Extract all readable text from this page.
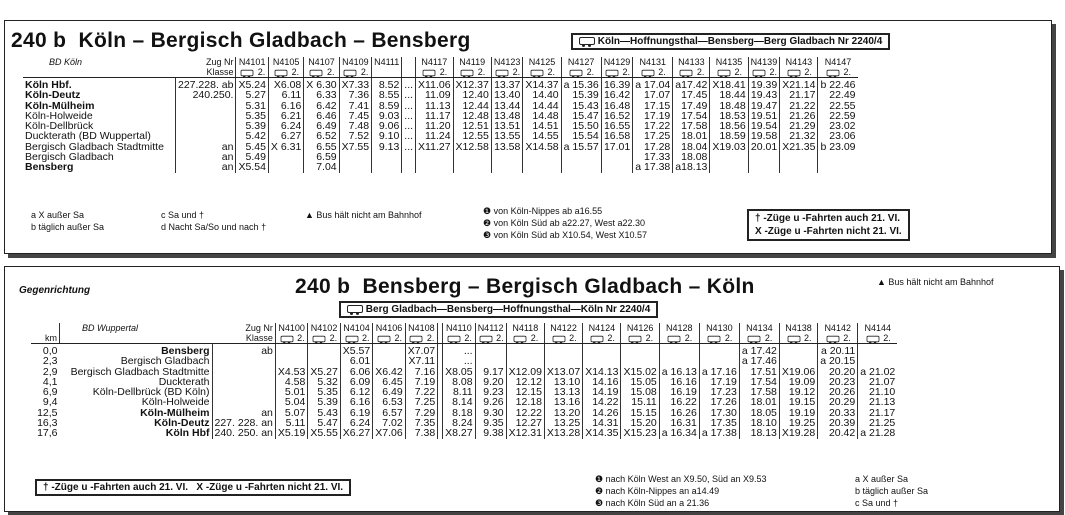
240 b Köln – Bergisch Gladbach – Bensberg	Köln—Hoffnungsthal—Bensberg—Berg Gladbach Nr 2240/4
BD Köln Zug Nr		N4101	N4105	N4107	N4109	N4111		N4117	N4119	N4123	N4125	N4127	N4129	N4131	N4133	N4135	N4139	N4143	N4147
Klasse		2.	2.	2.	2.			2.	2.	2.	2.	2.	2.	2.	2.	2.	2.	2.	2.
Köln Hbf.	227.228. ab	X5.24	X6.08	X 6.30	X7.33	8.52	...	X11.06	X12.37	13.37	X14.37	a 15.36	16.39	a 17.04	a17.42	X18.41	19.39	X21.14	b 22.46
Köln-Deutz	240.250.	5.27	6.11	6.33	7.36	8.55	...	11.09	12.40	13.40	14.40	15.39	16.42	17.07	17.45	18.44	19.43	21.17	22.49
Köln-Mülheim		5.31	6.16	6.42	7.41	8.59	...	11.13	12.44	13.44	14.44	15.43	16.48	17.15	17.49	18.48	19.47	21.22	22.55
Köln-Holweide		5.35	6.21	6.46	7.45	9.03	...	11.17	12.48	13.48	14.48	15.47	16.52	17.19	17.54	18.53	19.51	21.26	22.59
Köln-Dellbrück		5.39	6.24	6.49	7.48	9.06	...	11.20	12.51	13.51	14.51	15.50	16.55	17.22	17.58	18.56	19.54	21.29	23.02
Duckterath (BD Wuppertal)		5.42	6.27	6.52	7.52	9.10	...	11.24	12.55	13.55	14.55	15.54	16.58	17.25	18.01	18.59	19.58	21.32	23.06
Bergisch Gladbach Stadtmitte	an	5.45	X 6.31	6.55	X7.55	9.13	...	X11.27	X12.58	13.58	X14.58	a 15.57	17.01	17.28	18.04	X19.03	20.01	X21.35	b 23.09
Bergisch Gladbach	an	5.49		6.59										17.33	18.08				
Bensberg	an	X5.54		7.04										a 17.38	a18.13				
a X außer Sa
b täglich außer Sa
c Sa und †
d Nacht Sa/So und nach †
▲ Bus hält nicht am Bahnhof	❶ von Köln-Nippes ab a16.55
❷ von Köln Süd ab a22.27, West a22.30
❸ von Köln Süd ab X10.54, West X10.57
† -Züge u -Fahrten auch 21. VI.
X -Züge u -Fahrten nicht 21. VI.
Gegenrichtung	240 b Bensberg – Bergisch Gladbach – Köln	▲ Bus hält nicht am Bahnhof
Berg Gladbach—Bensberg—Hoffnungsthal—Köln Nr 2240/4
	BD Wuppertal Zug Nr		N4100	N4102	N4104	N4106	N4108		N4110	N4112	N4118	N4122	N4124	N4126	N4128	N4130	N4134	N4138	N4142	N4144
km	Klasse		2.	2.	2.	2.	2.		2.	2.	2.	2.	2.	2.	2.	2.	2.	2.	2.	2.
0,0	Bensberg	ab			X5.57		X7.07		...								a 17.42		a 20.11	
2,3	Bergisch Gladbach				6.01		X7.11		...								a 17.46		a 20.15	
2,9	Bergisch Gladbach Stadtmitte		X4.53	X5.27	6.06	X6.42	7.16		X8.05	9.17	X12.09	X13.07	X14.13	X15.02	a 16.13	a 17.16	17.51	X19.06	20.20	a 21.02
4,1	Duckterath		4.58	5.32	6.09	6.45	7.19		8.08	9.20	12.12	13.10	14.16	15.05	16.16	17.19	17.54	19.09	20.23	21.07
6,9	Köln-Dellbrück (BD Köln)		5.01	5.35	6.12	6.49	7.22		8.11	9.23	12.15	13.13	14.19	15.08	16.19	17.23	17.58	19.12	20.26	21.10
9,4	Köln-Holweide		5.04	5.39	6.16	6.53	7.25		8.14	9.26	12.18	13.16	14.22	15.11	16.22	17.26	18.01	19.15	20.29	21.13
12,5	Köln-Mülheim	an	5.07	5.43	6.19	6.57	7.29		8.18	9.30	12.22	13.20	14.26	15.15	16.26	17.30	18.05	19.19	20.33	21.17
16,3	Köln-Deutz	227. 228. an	5.11	5.47	6.24	7.02	7.35		8.24	9.35	12.27	13.25	14.31	15.20	16.31	17.35	18.10	19.25	20.39	21.25
17,6	Köln Hbf	240. 250. an	X5.19	X5.55	X6.27	X7.06	7.38		X8.27	9.38	X12.31	X13.28	X14.35	X15.23	a 16.34	a 17.38	18.13	X19.28	20.42	a 21.28
† -Züge u -Fahrten auch 21. VI. X -Züge u -Fahrten nicht 21. VI.
❶ nach Köln West an X9.50, Süd an X9.53
❷ nach Köln-Nippes an a14.49
❸ nach Köln Süd an a 21.36
a X außer Sa
b täglich außer Sa
c Sa und †
